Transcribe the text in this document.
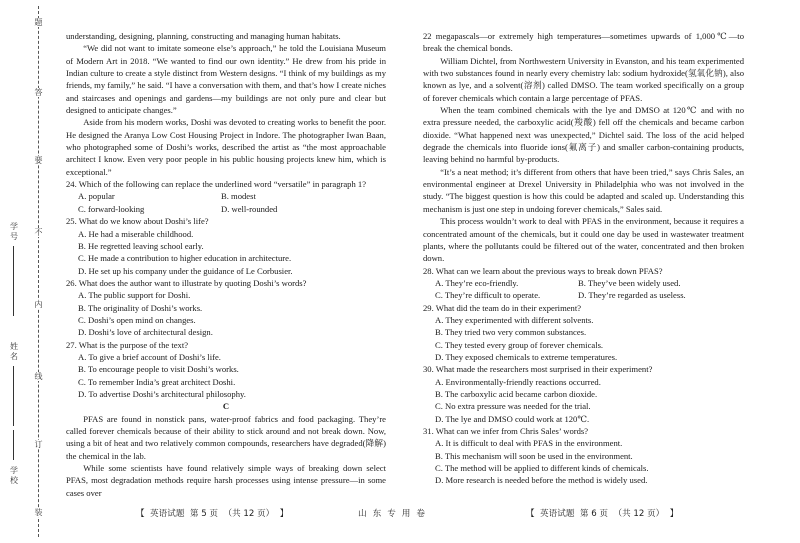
题
答
要
不
内
线
订
装
学号
姓名
学校

understanding, designing, planning, constructing and managing human habitats.

“We did not want to imitate someone else’s approach,” he told the Louisiana Museum of Modern Art in 2018. “We wanted to find our own identity.” He drew from his pride in Indian culture to create a style distinct from Western designs. “I think of my buildings as my friends, my family,” he said. “I have a conversation with them, and that’s how I create niches and staircases and openings and gardens—my buildings are not only pure and clear but designed to anticipate changes.”

Aside from his modern works, Doshi was devoted to creating works to benefit the poor. He designed the Aranya Low Cost Housing Project in Indore. The photographer Iwan Baan, who photographed some of Doshi’s works, described the artist as “the most approachable architect I know. Even very poor people in his public housing projects knew him, which is exceptional.”

24. Which of the following can replace the underlined word “versatile” in paragraph 1?

A. popular	B. modest
C. forward-looking	D. well-rounded

25. What do we know about Doshi’s life?

A. He had a miserable childhood.

B. He regretted leaving school early.

C. He made a contribution to higher education in architecture.

D. He set up his company under the guidance of Le Corbusier.

26. What does the author want to illustrate by quoting Doshi’s words?

A. The public support for Doshi.

B. The originality of Doshi’s works.

C. Doshi’s open mind on changes.

D. Doshi’s love of architectural design.

27. What is the purpose of the text?

A. To give a brief account of Doshi’s life.

B. To encourage people to visit Doshi’s works.

C. To remember India’s great architect Doshi.

D. To advertise Doshi’s architectural philosophy.

C

PFAS are found in nonstick pans, water-proof fabrics and food packaging. They’re called forever chemicals because of their ability to stick around and not break down. Now, using a bit of heat and two relatively common compounds, researchers have degraded(降解) the chemical in the lab.

While some scientists have found relatively simple ways of breaking down select PFAS, most degradation methods require harsh processes using intense pressure—in some cases over

22 megapascals—or extremely high temperatures—sometimes upwards of 1,000℃—to break the chemical bonds.

William Dichtel, from Northwestern University in Evanston, and his team experimented with two substances found in nearly every chemistry lab: sodium hydroxide(氢氧化钠), also known as lye, and a solvent(溶剂) called DMSO. The team worked specifically on a group of forever chemicals which contain a large percentage of PFAS.

When the team combined chemicals with the lye and DMSO at 120℃ and with no extra pressure needed, the carboxylic acid(羧酸) fell off the chemicals and became carbon dioxide. “What happened next was unexpected,” Dichtel said. The loss of the acid helped degrade the chemicals into fluoride ions(氟离子) and smaller carbon-containing products, leaving behind no harmful by-products.

“It’s a neat method; it’s different from others that have been tried,” says Chris Sales, an environmental engineer at Drexel University in Philadelphia who was not involved in the study. “The biggest question is how this could be adapted and scaled up. Understanding this mechanism is just one step in undoing forever chemicals,” Sales said.

This process wouldn’t work to deal with PFAS in the environment, because it requires a concentrated amount of the chemicals, but it could one day be used in wastewater treatment plants, where the pollutants could be filtered out of the water, concentrated and then broken down.

28. What can we learn about the previous ways to break down PFAS?

A. They’re eco-friendly.	B. They’ve been widely used.
C. They’re difficult to operate.	D. They’re regarded as useless.

29. What did the team do in their experiment?

A. They experimented with different solvents.

B. They tried two very common substances.

C. They tested every group of forever chemicals.

D. They exposed chemicals to extreme temperatures.

30. What made the researchers most surprised in their experiment?

A. Environmentally-friendly reactions occurred.

B. The carboxylic acid became carbon dioxide.

C. No extra pressure was needed for the trial.

D. The lye and DMSO could work at 120℃.

31. What can we infer from Chris Sales’ words?

A. It is difficult to deal with PFAS in the environment.

B. This mechanism will soon be used in the environment.

C. The method will be applied to different kinds of chemicals.

D. More research is needed before the method is widely used.

【  英语试题  第 5 页  （共 12 页）  】	山东专用卷	【  英语试题  第 6 页  （共 12 页）  】
